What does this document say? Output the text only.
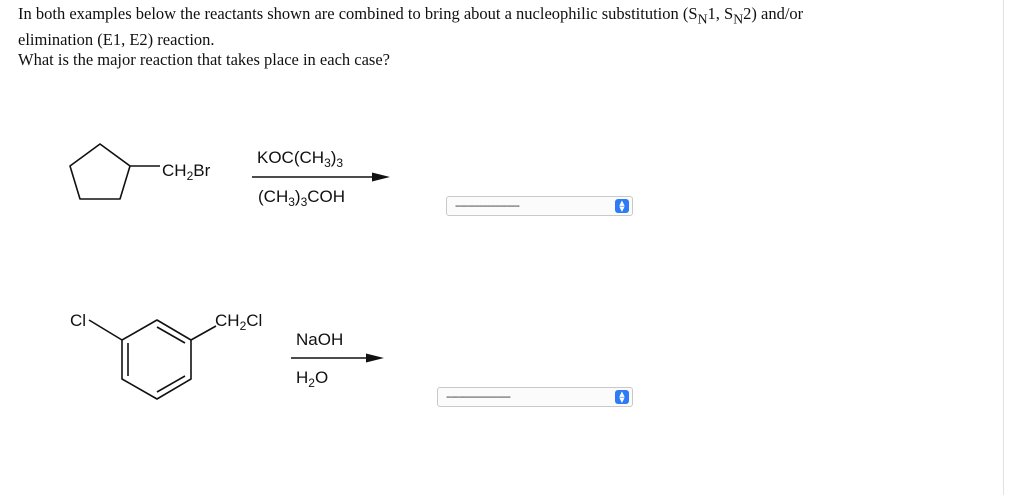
In both examples below the reactants shown are combined to bring about a nucleophilic substitution ($S_N1$, $S_N2$) and/or

elimination (E1, E2) reaction.

What is the major reaction that takes place in each case?

$CH_2Br$
$KOC(CH_3)_3$
$(CH_3)_3COH$
Cl	$CH_2Cl$
NaOH
$H_2O$
------------------------	▲
▼
------------------------	▲
▼
